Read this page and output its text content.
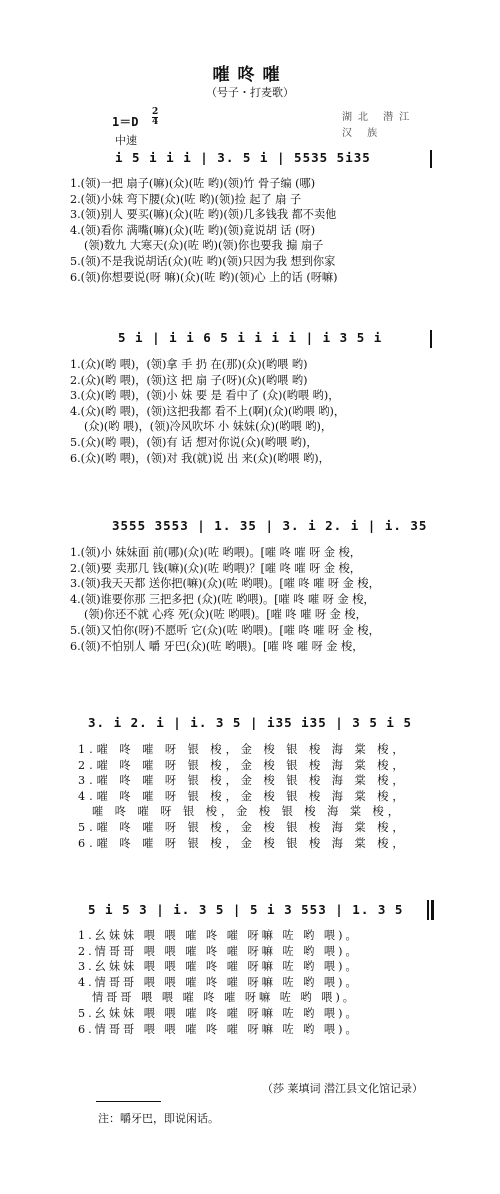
嗺咚嗺
（号子・打麦歌）
1＝D
2
4
中速
湖北 潜江
汉 族
i 5 i i i | 3. 5 i | 5535 5i35
1.(领)一把 扇子(嘛)(众)(咗 哟)(领)竹 骨子编 (哪)
2.(领)小妹 弯下腰(众)(咗 哟)(领)捡 起了 扇 子
3.(领)别人 要买(嘛)(众)(咗 哟)(领)几多钱我 都不卖他
4.(领)看你 满嘴(嘛)(众)(咗 哟)(领)竟说胡 话 (呀)
(领)数九 大寒天(众)(咗 哟)(领)你也要我 搧 扇子
5.(领)不是我说胡话(众)(咗 哟)(领)只因为我 想到你家
6.(领)你想要说(呀 嘛)(众)(咗 哟)(领)心 上的话 (呀嘛)
5 i | i i 6 5 i i i i | i 3 5 i
1.(众)(哟 喂)，(领)拿 手 扔 在(那)(众)(哟喂 哟)
2.(众)(哟 喂)，(领)这 把 扇 子(呀)(众)(哟喂 哟)
3.(众)(哟 喂)，(领)小 妹 要 是 看中了 (众)(哟喂 哟)，
4.(众)(哟 喂)，(领)这把我都 看不上(啊)(众)(哟喂 哟)，
(众)(哟 喂)，(领)冷风吹坏 小 妹妹(众)(哟喂 哟)，
5.(众)(哟 喂)，(领)有 话 想对你说(众)(哟喂 哟)，
6.(众)(哟 喂)，(领)对 我(就)说 出 来(众)(哟喂 哟)，
3555 3553 | 1. 35 | 3. i 2. i | i. 35
1.(领)小 妹妹面 前(哪)(众)(咗 哟喂)。[嗺 咚 嗺 呀 金 梭，
2.(领)要 卖那几 钱(嘛)(众)(咗 哟喂)？[嗺 咚 嗺 呀 金 梭，
3.(领)我天天都 送你把(嘛)(众)(咗 哟喂)。[嗺 咚 嗺 呀 金 梭，
4.(领)谁要你那 三把多把 (众)(咗 哟喂)。[嗺 咚 嗺 呀 金 梭，
(领)你还不就 心疼 死(众)(咗 哟喂)。[嗺 咚 嗺 呀 金 梭，
5.(领)又怕你(呀)不愿听 它(众)(咗 哟喂)。[嗺 咚 嗺 呀 金 梭，
6.(领)不怕别人 嚼 牙巴(众)(咗 哟喂)。[嗺 咚 嗺 呀 金 梭，
3. i 2. i | i. 3 5 | i35 i35 | 3 5 i 5
1.嗺 咚 嗺 呀 银 梭，金 梭 银 梭 海 棠 梭，
2.嗺 咚 嗺 呀 银 梭，金 梭 银 梭 海 棠 梭，
3.嗺 咚 嗺 呀 银 梭，金 梭 银 梭 海 棠 梭，
4.嗺 咚 嗺 呀 银 梭，金 梭 银 梭 海 棠 梭，
嗺 咚 嗺 呀 银 梭，金 梭 银 梭 海 棠 梭，
5.嗺 咚 嗺 呀 银 梭，金 梭 银 梭 海 棠 梭，
6.嗺 咚 嗺 呀 银 梭，金 梭 银 梭 海 棠 梭，
5 i 5 3 | i. 3 5 | 5 i 3 553 | 1. 3 5
1.幺妹妹 喂 喂 嗺 咚 嗺 呀嘛 咗 哟 喂)。
2.情哥哥 喂 喂 嗺 咚 嗺 呀嘛 咗 哟 喂)。
3.幺妹妹 喂 喂 嗺 咚 嗺 呀嘛 咗 哟 喂)。
4.情哥哥 喂 喂 嗺 咚 嗺 呀嘛 咗 哟 喂)。
情哥哥 喂 喂 嗺 咚 嗺 呀嘛 咗 哟 喂)。
5.幺妹妹 喂 喂 嗺 咚 嗺 呀嘛 咗 哟 喂)。
6.情哥哥 喂 喂 嗺 咚 嗺 呀嘛 咗 哟 喂)。
（莎 莱填词 潜江县文化馆记录）
注：嚼牙巴，即说闲话。
